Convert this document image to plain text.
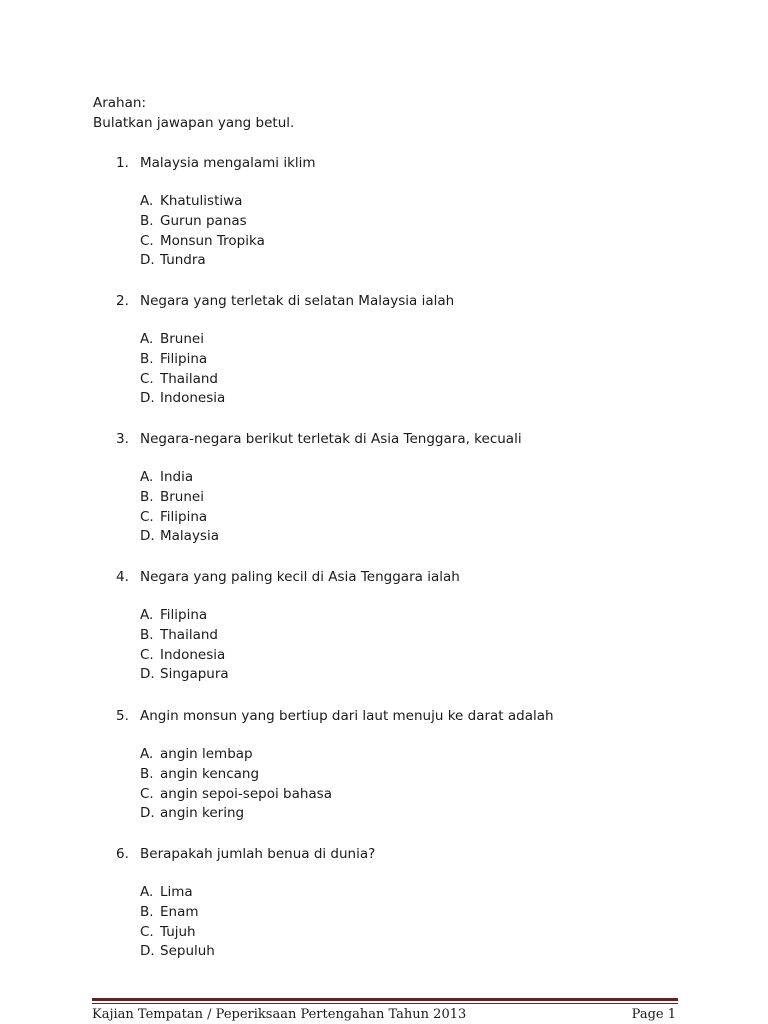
Arahan:
Bulatkan jawapan yang betul.
1. Malaysia mengalami iklim
A. Khatulistiwa
B. Gurun panas
C. Monsun Tropika
D. Tundra
2. Negara yang terletak di selatan Malaysia ialah
A. Brunei
B. Filipina
C. Thailand
D. Indonesia
3. Negara-negara berikut terletak di Asia Tenggara, kecuali
A. India
B. Brunei
C. Filipina
D. Malaysia
4. Negara yang paling kecil di Asia Tenggara ialah
A. Filipina
B. Thailand
C. Indonesia
D. Singapura
5. Angin monsun yang bertiup dari laut menuju ke darat adalah
A. angin lembap
B. angin kencang
C. angin sepoi-sepoi bahasa
D. angin kering
6. Berapakah jumlah benua di dunia?
A. Lima
B. Enam
C. Tujuh
D. Sepuluh
Kajian Tempatan / Peperiksaan Pertengahan Tahun 2013	Page 1
